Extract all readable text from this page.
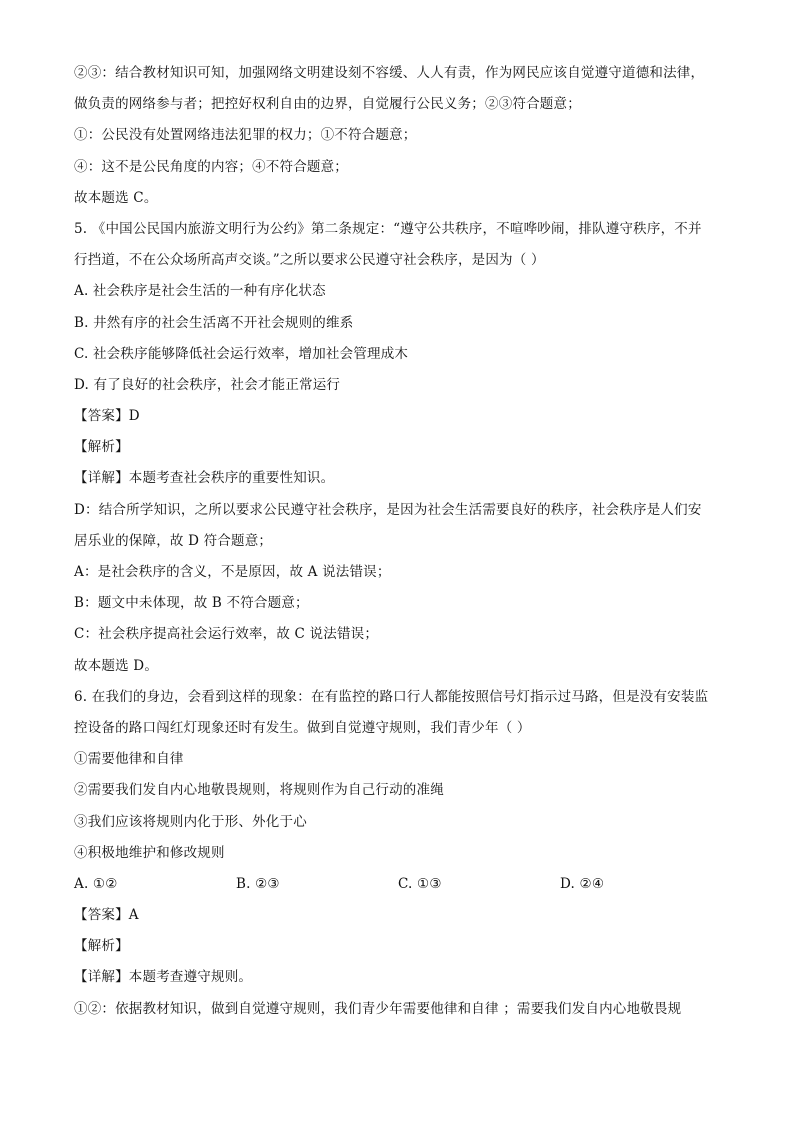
②③：结合教材知识可知，加强网络文明建设刻不容缓、人人有责，作为网民应该自觉遵守道德和法律，
做负责的网络参与者；把控好权利自由的边界，自觉履行公民义务；②③符合题意；
①：公民没有处置网络违法犯罪的权力；①不符合题意；
④：这不是公民角度的内容；④不符合题意；
故本题选 C。
5. 《中国公民国内旅游文明行为公约》第二条规定：“遵守公共秩序，不喧哗吵闹，排队遵守秩序，不并
行挡道，不在公众场所高声交谈。”之所以要求公民遵守社会秩序，是因为（ ）
A. 社会秩序是社会生活的一种有序化状态
B. 井然有序的社会生活离不开社会规则的维系
C. 社会秩序能够降低社会运行效率，增加社会管理成木
D. 有了良好的社会秩序，社会才能正常运行
【答案】D
【解析】
【详解】本题考查社会秩序的重要性知识。
D：结合所学知识，之所以要求公民遵守社会秩序，是因为社会生活需要良好的秩序，社会秩序是人们安
居乐业的保障，故 D 符合题意；
A：是社会秩序的含义，不是原因，故 A 说法错误；
B：题文中未体现，故 B 不符合题意；
C：社会秩序提高社会运行效率，故 C 说法错误；
故本题选 D。
6. 在我们的身边，会看到这样的现象：在有监控的路口行人都能按照信号灯指示过马路，但是没有安装监
控设备的路口闯红灯现象还时有发生。做到自觉遵守规则，我们青少年（ ）
①需要他律和自律
②需要我们发自内心地敬畏规则，将规则作为自己行动的准绳
③我们应该将规则内化于形、外化于心
④积极地维护和修改规则
A. ①②	B. ②③	C. ①③	D. ②④
【答案】A
【解析】
【详解】本题考查遵守规则。
①②：依据教材知识，做到自觉遵守规则，我们青少年需要他律和自律 ；需要我们发自内心地敬畏规
